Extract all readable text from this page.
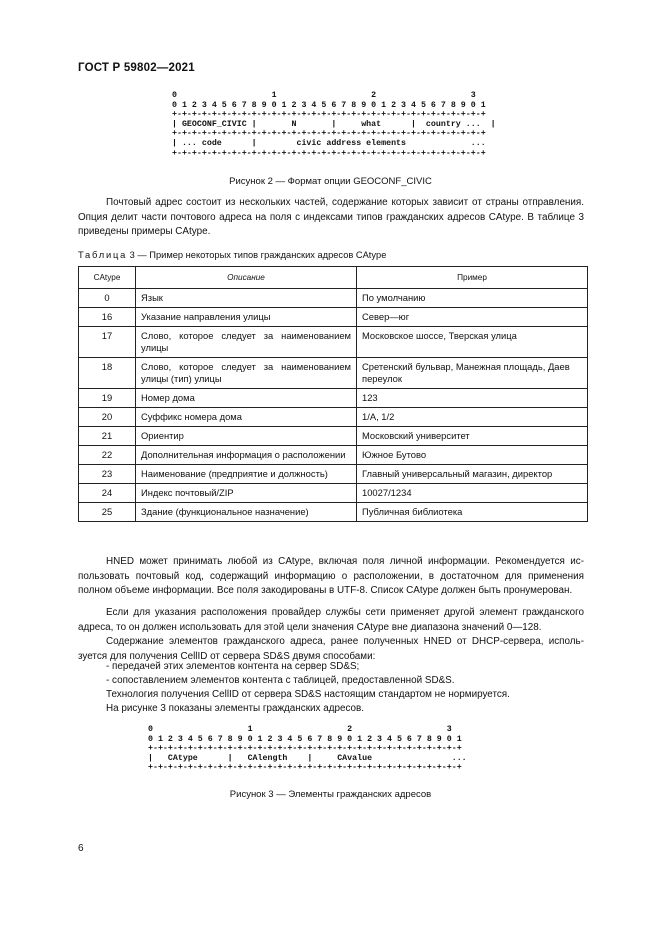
ГОСТ Р 59802—2021
0                   1                   2                   3
0 1 2 3 4 5 6 7 8 9 0 1 2 3 4 5 6 7 8 9 0 1 2 3 4 5 6 7 8 9 0 1
+-+-+-+-+-+-+-+-+-+-+-+-+-+-+-+-+-+-+-+-+-+-+-+-+-+-+-+-+-+-+-+
| GEOCONF_CIVIC |       N       |     what      |  country ...  |
+-+-+-+-+-+-+-+-+-+-+-+-+-+-+-+-+-+-+-+-+-+-+-+-+-+-+-+-+-+-+-+
| ... code      |        civic address elements             ...
+-+-+-+-+-+-+-+-+-+-+-+-+-+-+-+-+-+-+-+-+-+-+-+-+-+-+-+-+-+-+-+
Рисунок 2 — Формат опции GEOCONF_CIVIC

Почтовый адрес состоит из нескольких частей, содержание которых зависит от страны отправления. Опция делит части почтового адреса на поля с индексами типов гражданских адресов CAtype. В таблице 3 приведены примеры CAtype.

Таблица 3 — Пример некоторых типов гражданских адресов CAtype
CAtype	Описание	Пример
0	Язык	По умолчанию
16	Указание направления улицы	Север—юг
17	Слово, которое следует за наименованием улицы	Московское шоссе, Тверская улица
18	Слово, которое следует за наименованием улицы (тип) улицы	Сретенский бульвар, Манежная площадь, Даев переулок
19	Номер дома	123
20	Суффикс номера дома	1/А, 1/2
21	Ориентир	Московский университет
22	Дополнительная информация о расположении	Южное Бутово
23	Наименование (предприятие и должность)	Главный универсальный магазин, директор
24	Индекс почтовый/ZIP	10027/1234
25	Здание (функциональное назначение)	Публичная библиотека

HNED может принимать любой из CAtype, включая поля личной информации. Рекомендуется использовать почтовый код, содержащий информацию о расположении, в достаточном для применения полном объеме информации. Все поля закодированы в UTF-8. Список CAtype должен быть пронумерован.

Если для указания расположения провайдер службы сети применяет другой элемент гражданского адреса, то он должен использовать для этой цели значения CAtype вне диапазона значений 0—128.

Содержание элементов гражданского адреса, ранее полученных HNED от DHCP-сервера, используется для получения CellID от сервера SD&S двумя способами:

- передачей этих элементов контента на сервер SD&S;
- сопоставлением элементов контента с таблицей, предоставленной SD&S.

Технология получения CellID от сервера SD&S настоящим стандартом не нормируется.

На рисунке 3 показаны элементы гражданских адресов.

0                   1                   2                   3
0 1 2 3 4 5 6 7 8 9 0 1 2 3 4 5 6 7 8 9 0 1 2 3 4 5 6 7 8 9 0 1
+-+-+-+-+-+-+-+-+-+-+-+-+-+-+-+-+-+-+-+-+-+-+-+-+-+-+-+-+-+-+-+
|   CAtype      |   CAlength    |     CAvalue                ...
+-+-+-+-+-+-+-+-+-+-+-+-+-+-+-+-+-+-+-+-+-+-+-+-+-+-+-+-+-+-+-+
Рисунок 3 — Элементы гражданских адресов
6
